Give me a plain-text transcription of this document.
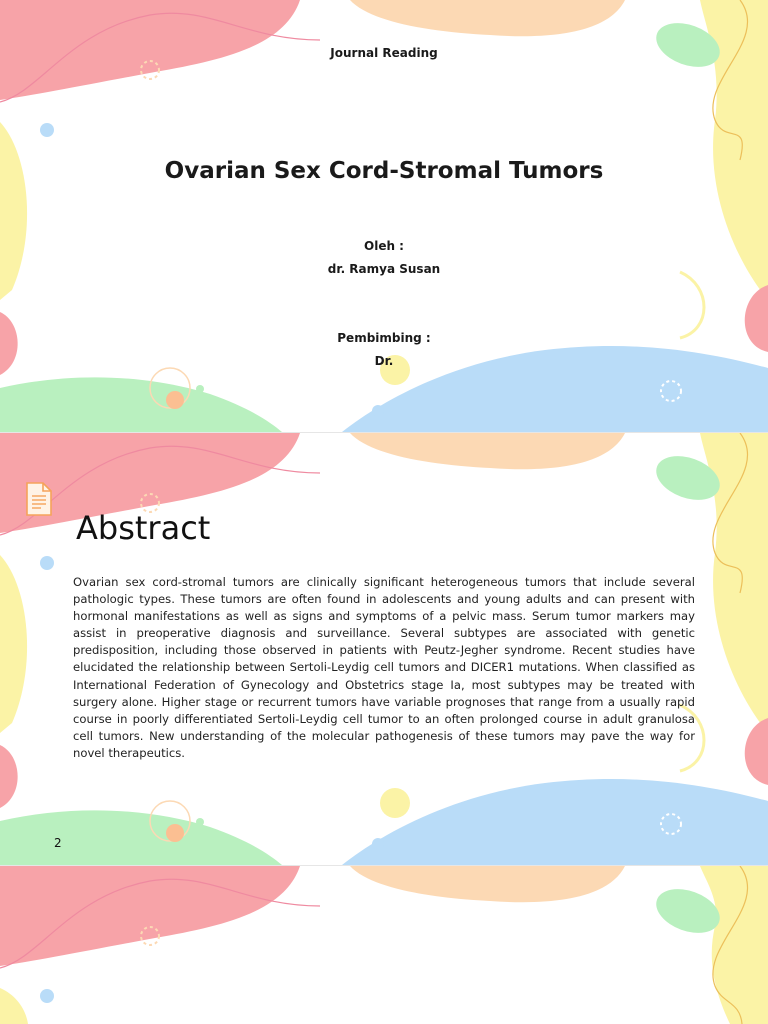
Journal Reading
Ovarian Sex Cord-Stromal Tumors
Oleh :
dr. Ramya Susan
Pembimbing :
Dr.
Abstract
Ovarian sex cord-stromal tumors are clinically significant heterogeneous tumors that include several pathologic types. These tumors are often found in adolescents and young adults and can present with hormonal manifestations as well as signs and symptoms of a pelvic mass. Serum tumor markers may assist in preoperative diagnosis and surveillance. Several subtypes are associated with genetic predisposition, including those observed in patients with Peutz-Jegher syndrome. Recent studies have elucidated the relationship between Sertoli-Leydig cell tumors and DICER1 mutations. When classified as International Federation of Gynecology and Obstetrics stage Ia, most subtypes may be treated with surgery alone. Higher stage or recurrent tumors have variable prognoses that range from a usually rapid course in poorly differentiated Sertoli-Leydig cell tumor to an often prolonged course in adult granulosa cell tumors. New understanding of the molecular pathogenesis of these tumors may pave the way for novel therapeutics.
2
